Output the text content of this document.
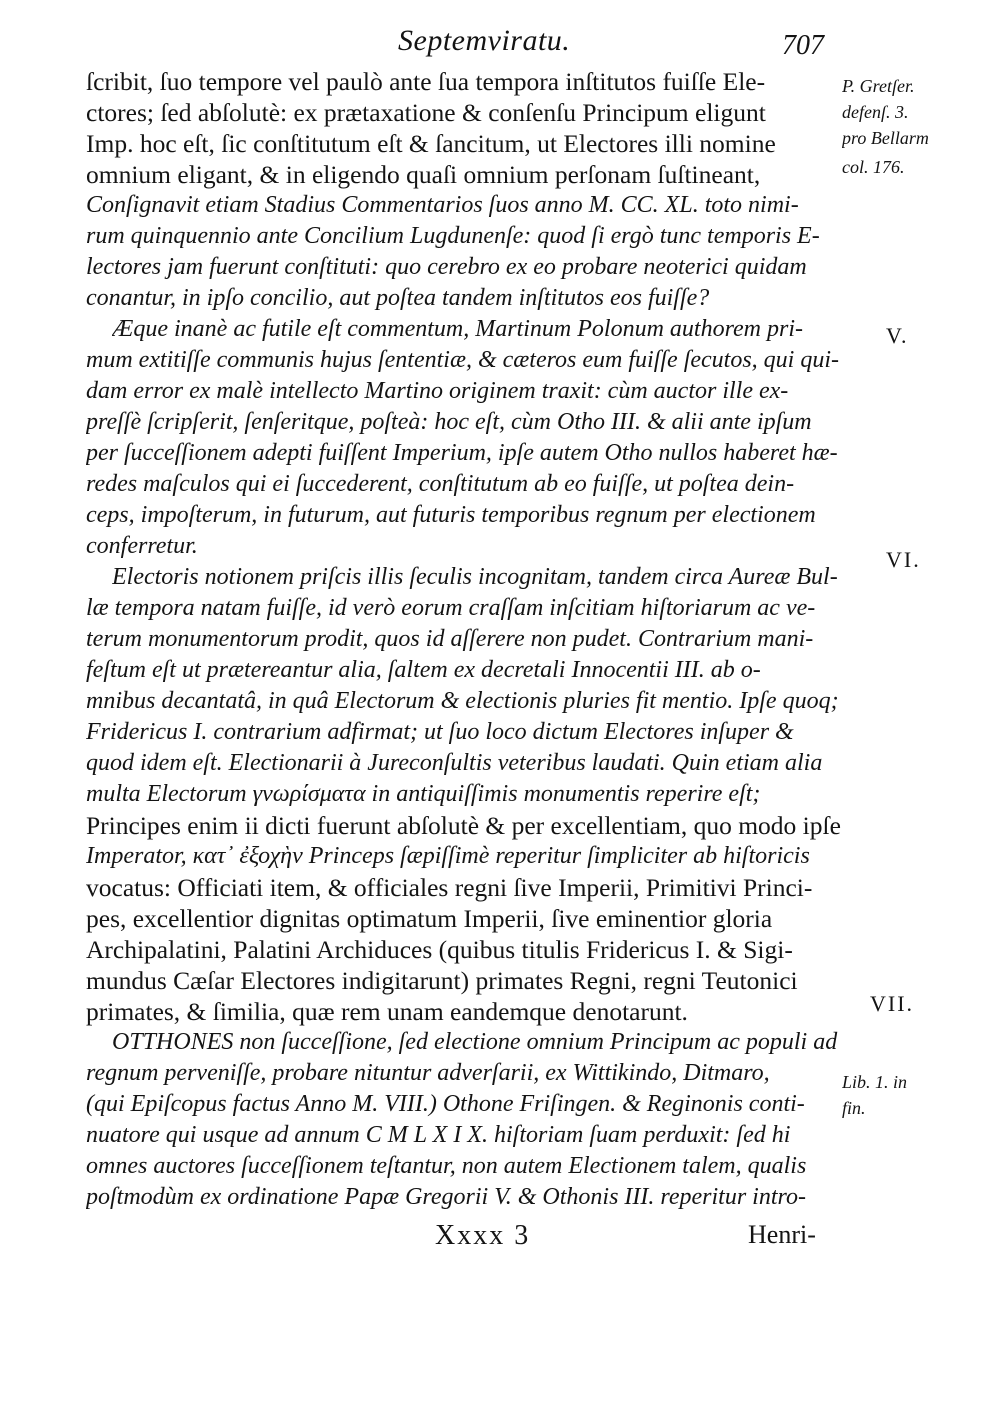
Septemviratu.	707
ſcribit, ſuo tempore vel paulò ante ſua tempora inſtitutos fuiſſe Ele-
ctores; ſed abſolutè: ex prætaxatione & conſenſu Principum eligunt
Imp. hoc eſt, ſic conſtitutum eſt & ſancitum, ut Electores illi nomine
omnium eligant, & in eligendo quaſi omnium perſonam ſuſtineant,
Conſignavit etiam Stadius Commentarios ſuos anno M. CC. XL. toto nimi-
rum quinquennio ante Concilium Lugdunenſe: quod ſi ergò tunc temporis E-
lectores jam fuerunt conſtituti: quo cerebro ex eo probare neoterici quidam
conantur, in ipſo concilio, aut poſtea tandem inſtitutos eos fuiſſe?
Æque inanè ac futile eſt commentum, Martinum Polonum authorem pri-
mum extitiſſe communis hujus ſententiæ, & cæteros eum fuiſſe ſecutos, qui qui-
dam error ex malè intellecto Martino originem traxit: cùm auctor ille ex-
preſſè ſcripſerit, ſenſeritque, poſteà: hoc eſt, cùm Otho III. & alii ante ipſum
per ſucceſſionem adepti fuiſſent Imperium, ipſe autem Otho nullos haberet hæ-
redes maſculos qui ei ſuccederent, conſtitutum ab eo fuiſſe, ut poſtea dein-
ceps, impoſterum, in futurum, aut futuris temporibus regnum per electionem
conferretur.
Electoris notionem priſcis illis ſeculis incognitam, tandem circa Aureæ Bul-
læ tempora natam fuiſſe, id verò eorum craſſam inſcitiam hiſtoriarum ac ve-
terum monumentorum prodit, quos id aſſerere non pudet. Contrarium mani-
feſtum eſt ut prætereantur alia, ſaltem ex decretali Innocentii III. ab o-
mnibus decantatâ, in quâ Electorum & electionis pluries fit mentio. Ipſe quoq;
Fridericus I. contrarium adfirmat; ut ſuo loco dictum Electores inſuper &
quod idem eſt. Electionarii à Jureconſultis veteribus laudati. Quin etiam alia
multa Electorum γνωρίσματα in antiquiſſimis monumentis reperire eſt;
Principes enim ii dicti fuerunt abſolutè & per excellentiam, quo modo ipſe
Imperator, κατ᾽ ἐξοχὴν Princeps ſæpiſſimè reperitur ſimpliciter ab hiſtoricis
vocatus: Officiati item, & officiales regni ſive Imperii, Primitivi Princi-
pes, excellentior dignitas optimatum Imperii, ſive eminentior gloria
Archipalatini, Palatini Archiduces (quibus titulis Fridericus I. & Sigi-
mundus Cæſar Electores indigitarunt) primates Regni, regni Teutonici
primates, & ſimilia, quæ rem unam eandemque denotarunt.
OTTHONES non ſucceſſione, ſed electione omnium Principum ac populi ad
regnum perveniſſe, probare nituntur adverſarii, ex Wittikindo, Ditmaro,
(qui Epiſcopus factus Anno M. VIII.) Othone Friſingen. & Reginonis conti-
nuatore qui usque ad annum C M L X I X. hiſtoriam ſuam perduxit: ſed hi
omnes auctores ſucceſſionem teſtantur, non autem Electionem talem, qualis
poſtmodùm ex ordinatione Papæ Gregorii V. & Othonis III. reperitur intro-
P. Gretſer.
defenſ. 3.
pro Bellarm
col. 176.
V.
VI.
VII.
Lib. 1. in
fin.
Xxxx 3	Henri-
